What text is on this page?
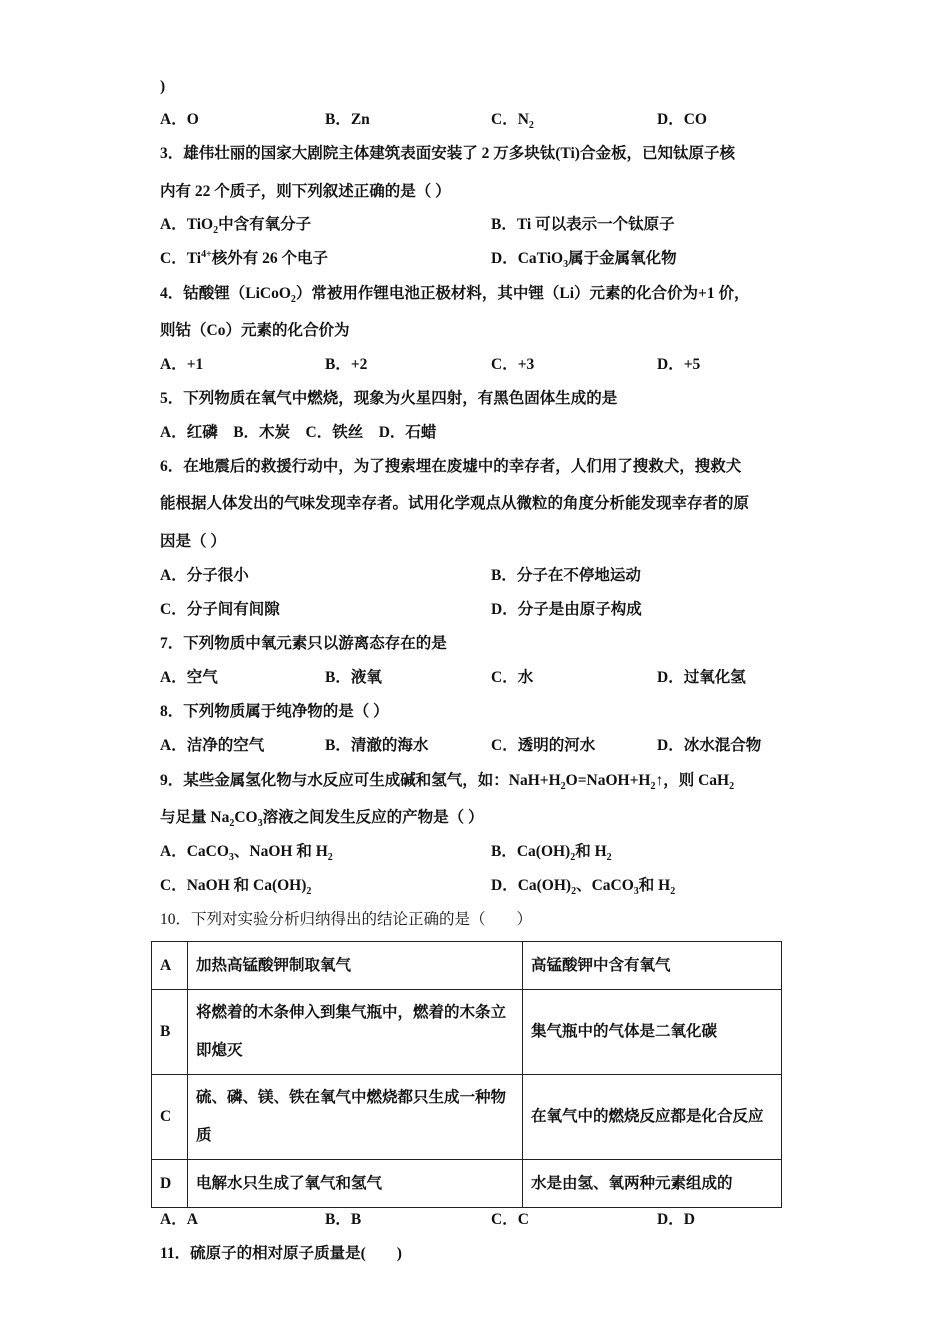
)
A．O	B．Zn	C．$N_2$	D．CO
3．雄伟壮丽的国家大剧院主体建筑表面安装了 2 万多块钛(Ti)合金板，已知钛原子核
内有 22 个质子，则下列叙述正确的是（ ）
A．TiO$_2$中含有氧分子	B．Ti 可以表示一个钛原子
C．$Ti^{4+}$核外有 26 个电子	D．CaTiO$_3$属于金属氧化物
4．钴酸锂（LiCoO$_2$）常被用作锂电池正极材料，其中锂（Li）元素的化合价为+1 价，
则钴（Co）元素的化合价为
A．+1	B．+2	C．+3	D．+5
5．下列物质在氧气中燃烧，现象为火星四射，有黑色固体生成的是
A．红磷　B．木炭　C．铁丝　D．石蜡
6．在地震后的救援行动中，为了搜索埋在废墟中的幸存者，人们用了搜救犬，搜救犬
能根据人体发出的气味发现幸存者。试用化学观点从微粒的角度分析能发现幸存者的原
因是（ ）
A．分子很小	B．分子在不停地运动
C．分子间有间隙	D．分子是由原子构成
7．下列物质中氧元素只以游离态存在的是
A．空气	B．液氧	C．水	D．过氧化氢
8．下列物质属于纯净物的是（ ）
A．洁净的空气	B．清澈的海水	C．透明的河水	D．冰水混合物
9．某些金属氢化物与水反应可生成碱和氢气，如：$NaH+H_2O=NaOH+H_2↑$，则 CaH$_2$
与足量 $Na_2CO_3$溶液之间发生反应的产物是（ ）
A．CaCO$_3$、NaOH 和 $H_2$	B．$Ca(OH)_2$和 $H_2$
C．NaOH 和 $Ca(OH)_2$	D．$Ca(OH)_2$、CaCO$_3$和 $H_2$
10．下列对实验分析归纳得出的结论正确的是（　　）
A	加热高锰酸钾制取氧气	高锰酸钾中含有氧气
B	将燃着的木条伸入到集气瓶中，燃着的木条立即熄灭	集气瓶中的气体是二氧化碳
C	硫、磷、镁、铁在氧气中燃烧都只生成一种物质	在氧气中的燃烧反应都是化合反应
D	电解水只生成了氧气和氢气	水是由氢、氧两种元素组成的
A．A	B．B	C．C	D．D
11．硫原子的相对原子质量是(　　)
